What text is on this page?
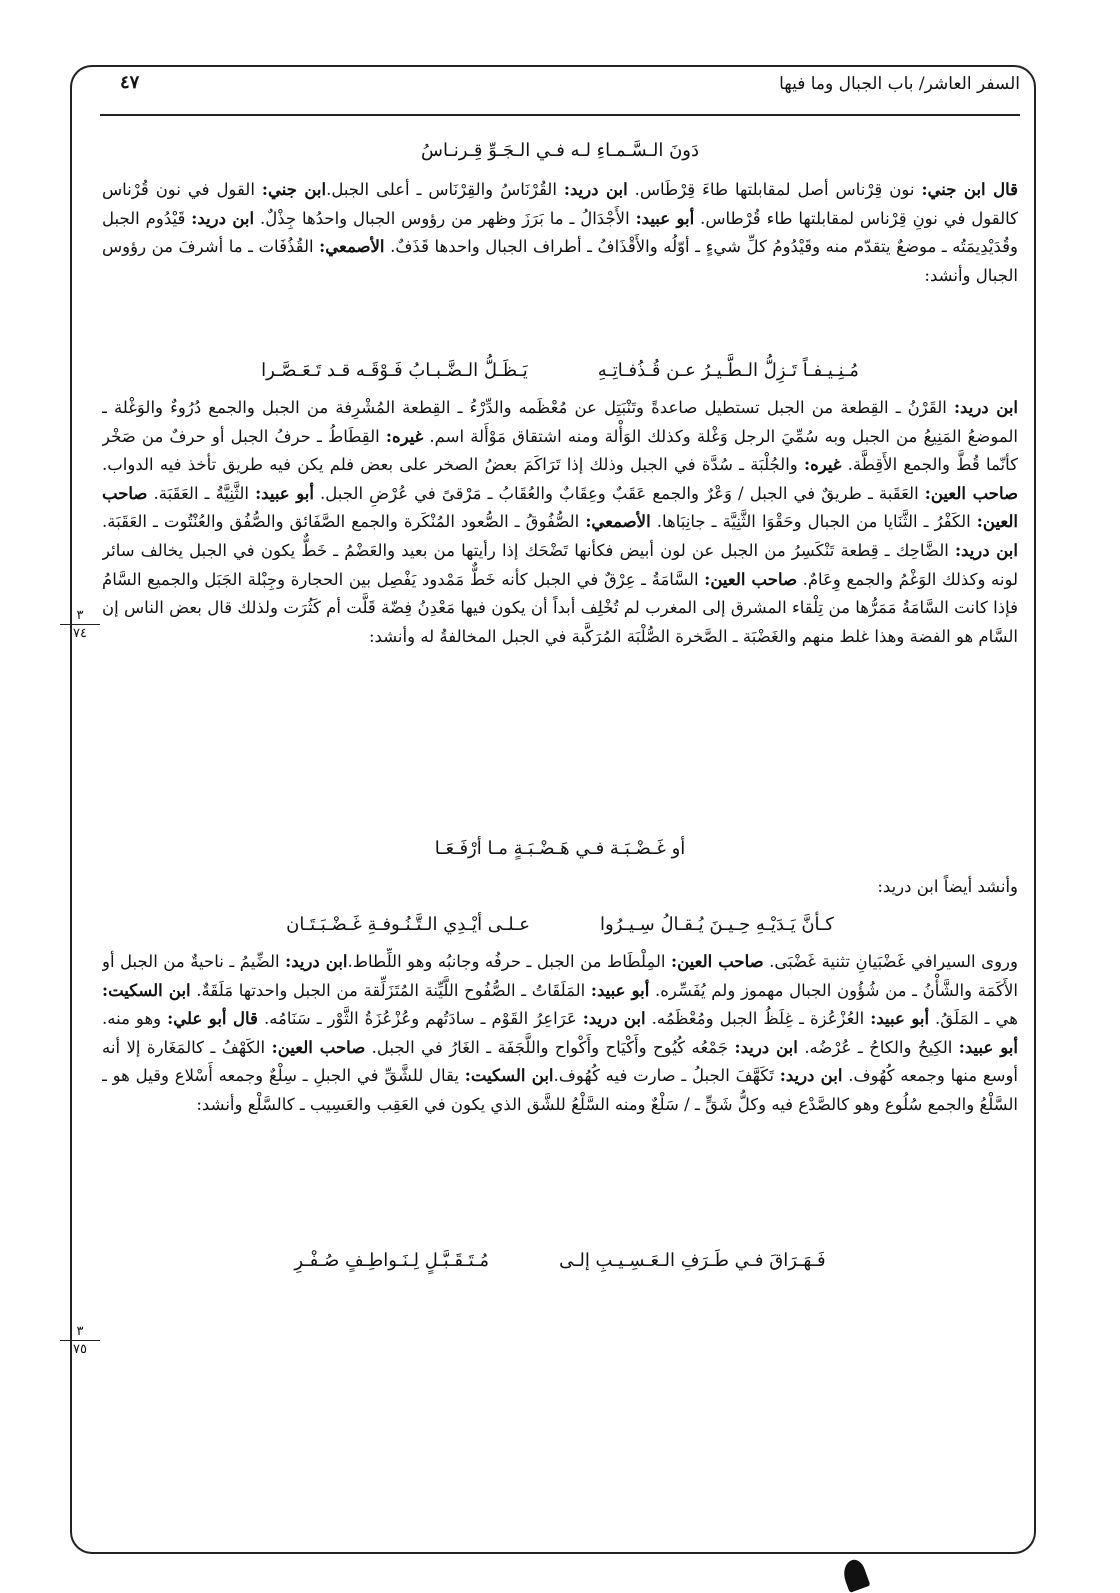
٤٧	السفر العاشر/ باب الجبال وما فيها
٣
٧٤
٣
٧٥
دَونَ الـسَّـمـاءِ لـه فـي الـجَـوِّ قِـرنـاسُ

قال ابن جني: نون قِرْناس أصل لمقابلتها طاءَ قِرْطَاس. ابن دريد: القُرْنَاسُ والقِرْنَاس ـ أعلى الجبل.ابن جني: القول في نون قُرْناس كالقول في نونِ قِرْناس لمقابلتها طاء قُرْطاس. أبو عبيد: الأَجْدَالُ ـ ما بَرَزَ وظهر من رؤوس الجبال واحدُها جِذْلٌ. ابن دريد: قَيْدُوم الجبل وقُدَيْدِيمَتُه ـ موضعٌ يتقدّم منه وقَيْدُومُ كلِّ شيءٍ ـ أوّلُه والأَقْذَافُ ـ أطراف الجبال واحدها قَذَفٌ. الأصمعي: القُذُفَات ـ ما أشرفَ من رؤوس الجبال وأنشد:

مُـنِـيـفـاً تَـزِلُّ الـطَّـيـرُ عـن قُـذُفـاتِـهِ
يَـظَـلُّ الـضَّـبـابُ فَـوْقَـه قـد تَـعَـصَّـرا

ابن دريد: القَرْنُ ـ القِطعة من الجبل تستطيل صاعدةً وتَنْبَتِل عن مُعْظَمه والدِّرْءُ ـ القِطعة المُشْرِفة من الجبل والجمع دُرُوءٌ والوَغْلة ـ الموضعُ المَنِيعُ من الجبل وبه سُمِّيَ الرجل وَغْلة وكذلك الوَأْلة ومنه اشتقاق مَوْأَلة اسم. غيره: القِطَاطُ ـ حرفُ الجبل أو حرفٌ من صَخْر كأنّما قُطَّ والجمع الأَقِطَّة. غيره: والجُلْبَة ـ سُدَّة في الجبل وذلك إذا تَرَاكَمَ بعضُ الصخر على بعض فلم يكن فيه طريق تأخذ فيه الدواب. صاحب العين: العَقَبة ـ طريقٌ في الجبل / وَعْرٌ والجمع عَقَبٌ وعِقَابٌ والعُقَابُ ـ مَرْقىً في عُرْضِ الجبل. أبو عبيد: الثَّنِيَّةُ ـ العَقَبَة. صاحب العين: الكَفْرُ ـ الثَّنَايا من الجبال وحَقْوَا الثَّنِيَّة ـ جانِبَاها. الأصمعي: الصُّفُوقُ ـ الصُّعود المُنْكَرة والجمع الصَّفَائق والصُّفُق والعُنْتُوت ـ العَقَبَة. ابن دريد: الضَّاحِك ـ قِطعة تَنْكَسِرُ من الجبل عن لون أبيض فكأنها تَضْحَك إذا رأيتها من بعيد والعَضْمُ ـ خَطٌّ يكون في الجبل يخالف سائر لونه وكذلك الوَغْمُ والجمع وِعَامٌ. صاحب العين: السَّامَةُ ـ عِرْقٌ في الجبل كأنه خَطٌّ مَمْدود يَفْصِل بين الحجارة وجِبْلة الجَبَل والجميع السَّامُ فإذا كانت السَّامَةُ مَمَرُّها من تِلْقاء المشرق إلى المغرب لم تُخْلِف أبداً أن يكون فيها مَعْدِنُ فِضّة قَلَّت أم كَثُرَت ولذلك قال بعض الناس إن السَّام هو الفضة وهذا غلط منهم والغَضْبَة ـ الصَّخرة الصُّلْبَة المُرَكَّبة في الجبل المخالفةُ له وأنشد:

أو غَـضْـبَـة فـي هَـضْـبَـةٍ مـا أرْفَـعَـا
وأنشد أيضاً ابن دريد:
كـأنَّ يَـدَيْـهِ حِـيـنَ يُـقـالُ سِـيـرُوا
عـلـى أيْـدِي الـتَّـنُـوفـةِ غَـضْـبَـتَـان

وروى السيرافي غَضْبَيانِ تثنية غَضْبَى. صاحب العين: المِلْطَاط من الجبل ـ حرفُه وجانبُه وهو اللِّطاط.ابن دريد: الضِّيمُ ـ ناحيةٌ من الجبل أو الأَكَمَة والشَّأْنُ ـ من شُؤُون الجبال مهموز ولم يُفَسِّره. أبو عبيد: المَلَقَاتُ ـ الصُّفُوح اللَّيِّنة المُتَزَلِّقة من الجبل واحدتها مَلَقَةٌ. ابن السكيت: هي ـ المَلَقُ. أبو عبيد: العُزْعُزة ـ غِلَظُ الجبل ومُعْظَمُه. ابن دريد: عَرَاعِرُ القَوْم ـ سادَتُهم وعُزْعُزَةُ الثَّوْر ـ سَنَامُه. قال أبو علي: وهو منه. أبو عبيد: الكِيحُ والكاحُ ـ عُرْضُه. ابن دريد: جَمْعُه كُيُوح وأَكْيَاح وأَكْواح واللَّجَفَة ـ الغَارُ في الجبل. صاحب العين: الكَهْفُ ـ كالمَغَارة إلا أنه أوسع منها وجمعه كُهُوف. ابن دريد: تَكَهَّفَ الجبلُ ـ صارت فيه كُهُوف.ابن السكيت: يقال للشَّقِّ في الجبلِ ـ سِلْعٌ وجمعه أَسْلاع وقيل هو ـ السَّلْعُ والجمع سُلُوع وهو كالصَّدْع فيه وكلُّ شَقٍّ ـ / سَلْعٌ ومنه السَّلْعُ للشَّق الذي يكون في العَقِب والعَسِيب ـ كالسَّلْع وأنشد:

فَـهَـرَاقَ فـي طَـرَفِ الـعَـسِـيـبِ إلـى
مُـتَـقَـبَّـلٍ لِـنَـواطِـفٍ صُـفْـرِ
